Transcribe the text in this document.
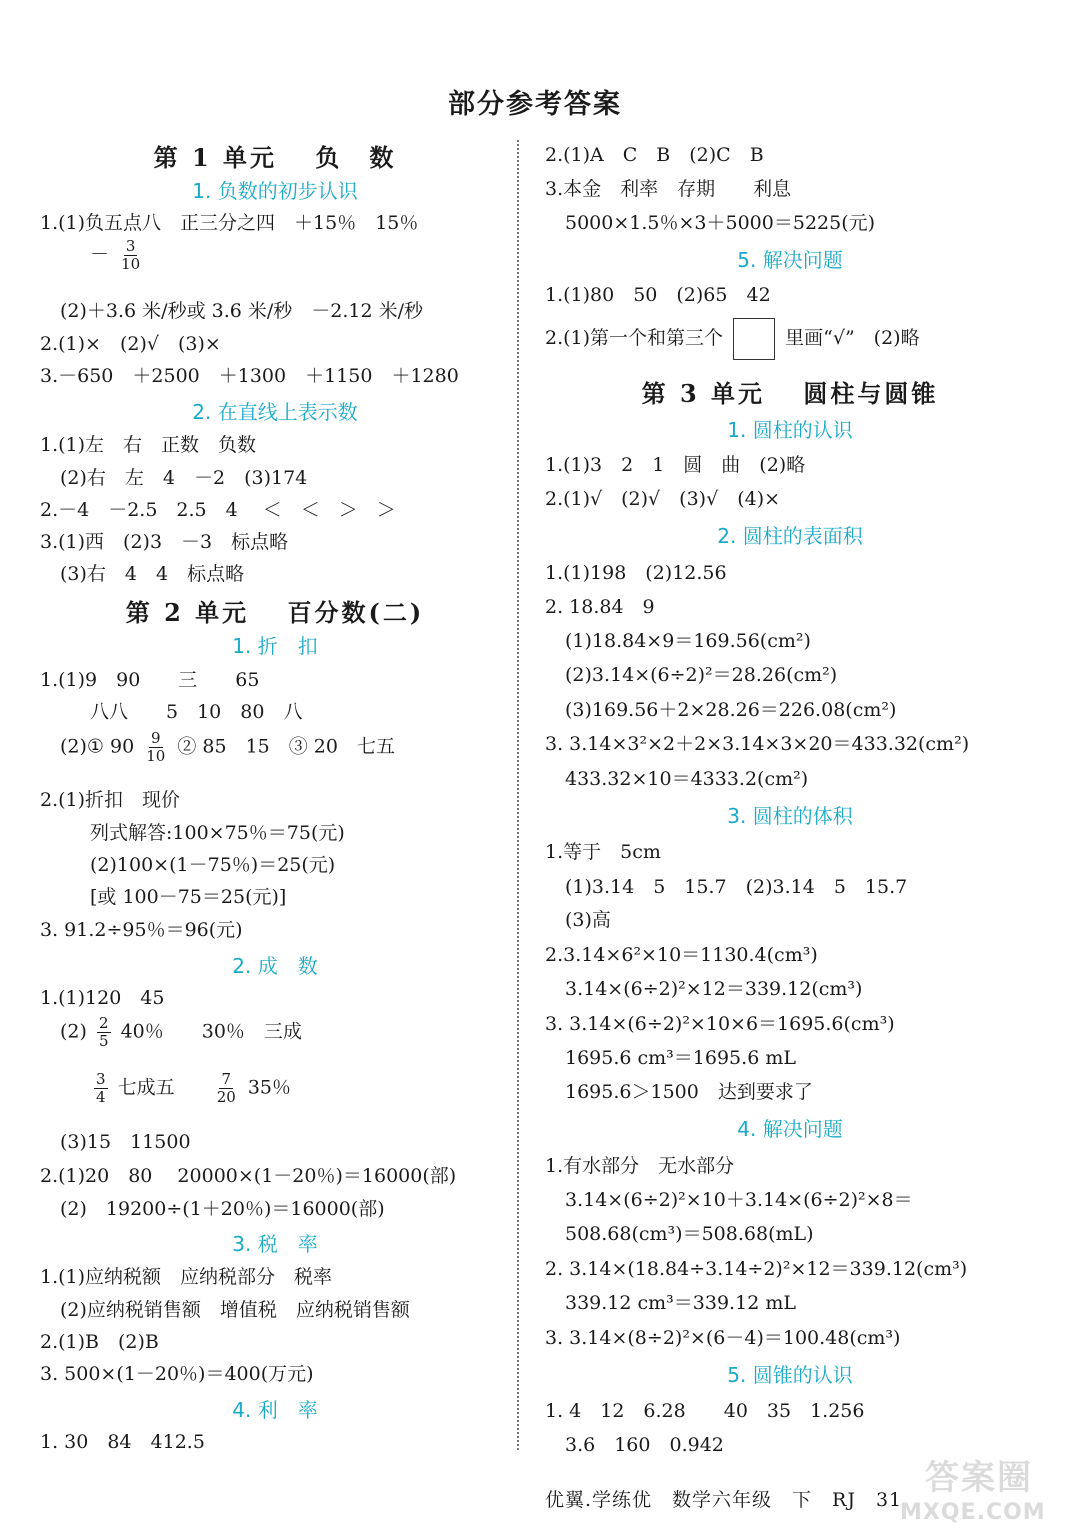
部分参考答案
第 1 单元　 负　数
1. 负数的初步认识
1.(1)负五点八　正三分之四　＋15％　15％
－ $\frac{3}{10}$
(2)＋3.6 米/秒或 3.6 米/秒　－2.12 米/秒
2.(1)×　(2)√　(3)×
3.－650　＋2500　＋1300　＋1150　＋1280
2. 在直线上表示数
1.(1)左　右　正数　负数
(2)右　左　4　－2　(3)174
2.－4　－2.5　2.5　4　 ＜　＜　＞　＞
3.(1)西　(2)3　－3　标点略
(3)右　4　4　标点略
第 2 单元　 百分数(二)
1. 折　扣
1.(1)9　90　　三　　65
八八　　5　10　80　八
(2)① $90 \frac{9}{10}$ ② 85　15　③ 20　七五
2.(1)折扣　现价
列式解答:100×75％＝75(元)
(2)100×(1－75％)＝25(元)
[或 100－75＝25(元)]
3. 91.2÷95％＝96(元)
2. 成　数
1.(1)120　45
$(2) \frac{2}{5} 40$％　　30％　三成
$\frac{3}{4}$ 七成五	$\frac{7}{20} 35$％
(3)15　11500
2.(1)20　80　 20000×(1－20％)＝16000(部)
(2)　19200÷(1＋20％)＝16000(部)
3. 税　率
1.(1)应纳税额　应纳税部分　税率
(2)应纳税销售额　增值税　应纳税销售额
2.(1)B　(2)B
3. 500×(1－20％)＝400(万元)
4. 利　率
1. 30　84　412.5
2.(1)A　C　B　(2)C　B
3.本金　利率　存期　　利息
5000×1.5％×3＋5000＝5225(元)
5. 解决问题
1.(1)80　50　(2)65　42
2.(1)第一个和第三个	里画“√”　(2)略
第 3 单元　 圆柱与圆锥
1. 圆柱的认识
1.(1)3　2　1　圆　曲　(2)略
2.(1)√　(2)√　(3)√　(4)×
2. 圆柱的表面积
1.(1)198　(2)12.56
2. 18.84　9
(1)18.84×9＝169.56(cm²)
(2)3.14×(6÷2)²＝28.26(cm²)
(3)169.56＋2×28.26＝226.08(cm²)
3. 3.14×3²×2＋2×3.14×3×20＝433.32(cm²)
433.32×10＝4333.2(cm²)
3. 圆柱的体积
1.等于　5cm
(1)3.14　5　15.7　(2)3.14　5　15.7
(3)高
2.3.14×6²×10＝1130.4(cm³)
3.14×(6÷2)²×12＝339.12(cm³)
3. 3.14×(6÷2)²×10×6＝1695.6(cm³)
1695.6 cm³＝1695.6 mL
1695.6＞1500　达到要求了
4. 解决问题
1.有水部分　无水部分
3.14×(6÷2)²×10＋3.14×(6÷2)²×8＝
508.68(cm³)＝508.68(mL)
2. 3.14×(18.84÷3.14÷2)²×12＝339.12(cm³)
339.12 cm³＝339.12 mL
3. 3.14×(8÷2)²×(6－4)＝100.48(cm³)
5. 圆锥的认识
1. 4　12　6.28　　40　35　1.256
3.6　160　0.942
优翼.学练优　数学六年级　下　RJ　31
答案圈
MXQE.COM
